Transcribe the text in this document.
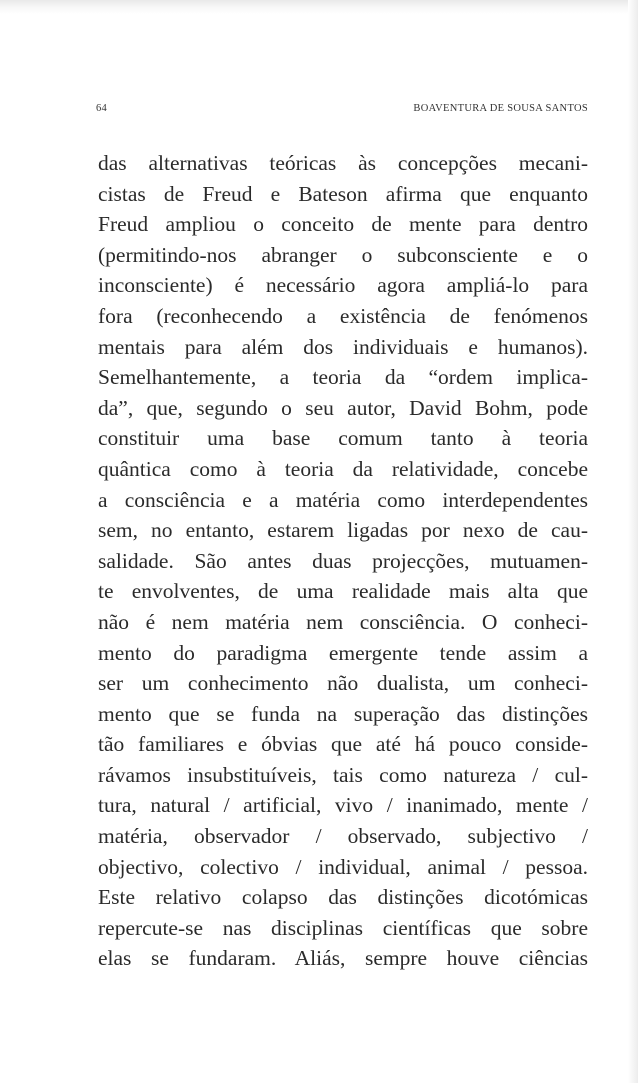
64	BOAVENTURA DE SOUSA SANTOS
das alternativas teóricas às concepções mecani-
cistas de Freud e Bateson afirma que enquanto
Freud ampliou o conceito de mente para dentro
(permitindo-nos abranger o subconsciente e o
inconsciente) é necessário agora ampliá-lo para
fora (reconhecendo a existência de fenómenos
mentais para além dos individuais e humanos).
Semelhantemente, a teoria da “ordem implica-
da”, que, segundo o seu autor, David Bohm, pode
constituir uma base comum tanto à teoria
quântica como à teoria da relatividade, concebe
a consciência e a matéria como interdependentes
sem, no entanto, estarem ligadas por nexo de cau-
salidade. São antes duas projecções, mutuamen-
te envolventes, de uma realidade mais alta que
não é nem matéria nem consciência. O conheci-
mento do paradigma emergente tende assim a
ser um conhecimento não dualista, um conheci-
mento que se funda na superação das distinções
tão familiares e óbvias que até há pouco conside-
rávamos insubstituíveis, tais como natureza / cul-
tura, natural / artificial, vivo / inanimado, mente /
matéria, observador / observado, subjectivo /
objectivo, colectivo / individual, animal / pessoa.
Este relativo colapso das distinções dicotómicas
repercute-se nas disciplinas científicas que sobre
elas se fundaram. Aliás, sempre houve ciências
